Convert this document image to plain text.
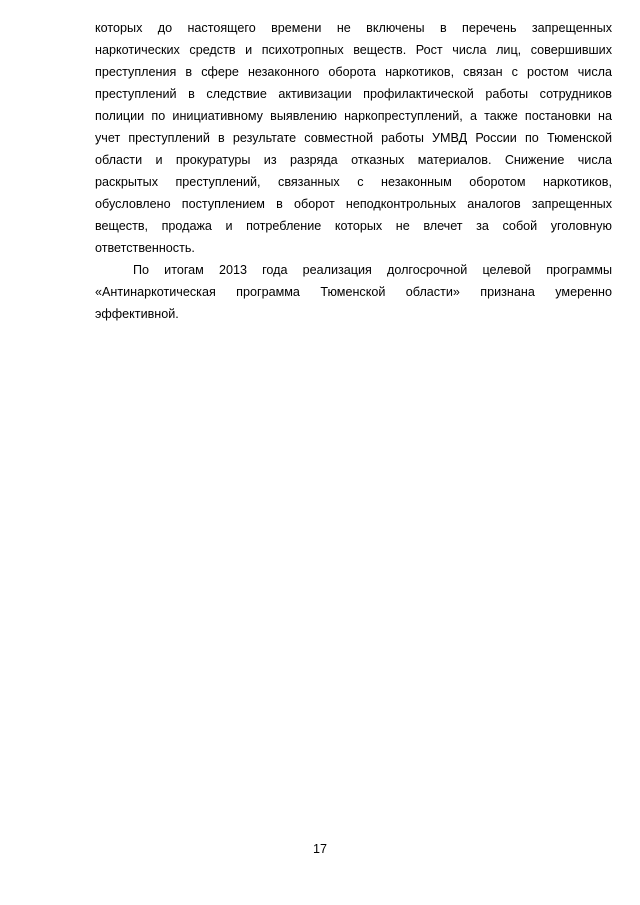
которых до настоящего времени не включены в перечень запрещенных
наркотических средств и психотропных веществ. Рост числа лиц, совершивших
преступления в сфере незаконного оборота наркотиков, связан с ростом числа
преступлений в следствие активизации профилактической работы сотрудников
полиции по инициативному выявлению наркопреступлений, а также постановки на
учет преступлений в результате совместной работы УМВД России по Тюменской
области и прокуратуры из разряда отказных материалов. Снижение числа
раскрытых преступлений, связанных с незаконным оборотом наркотиков,
обусловлено поступлением в оборот неподконтрольных аналогов запрещенных
веществ, продажа и потребление которых не влечет за собой уголовную
ответственность.
По итогам 2013 года реализация долгосрочной целевой программы
«Антинаркотическая программа Тюменской области» признана умеренно
эффективной.
17
